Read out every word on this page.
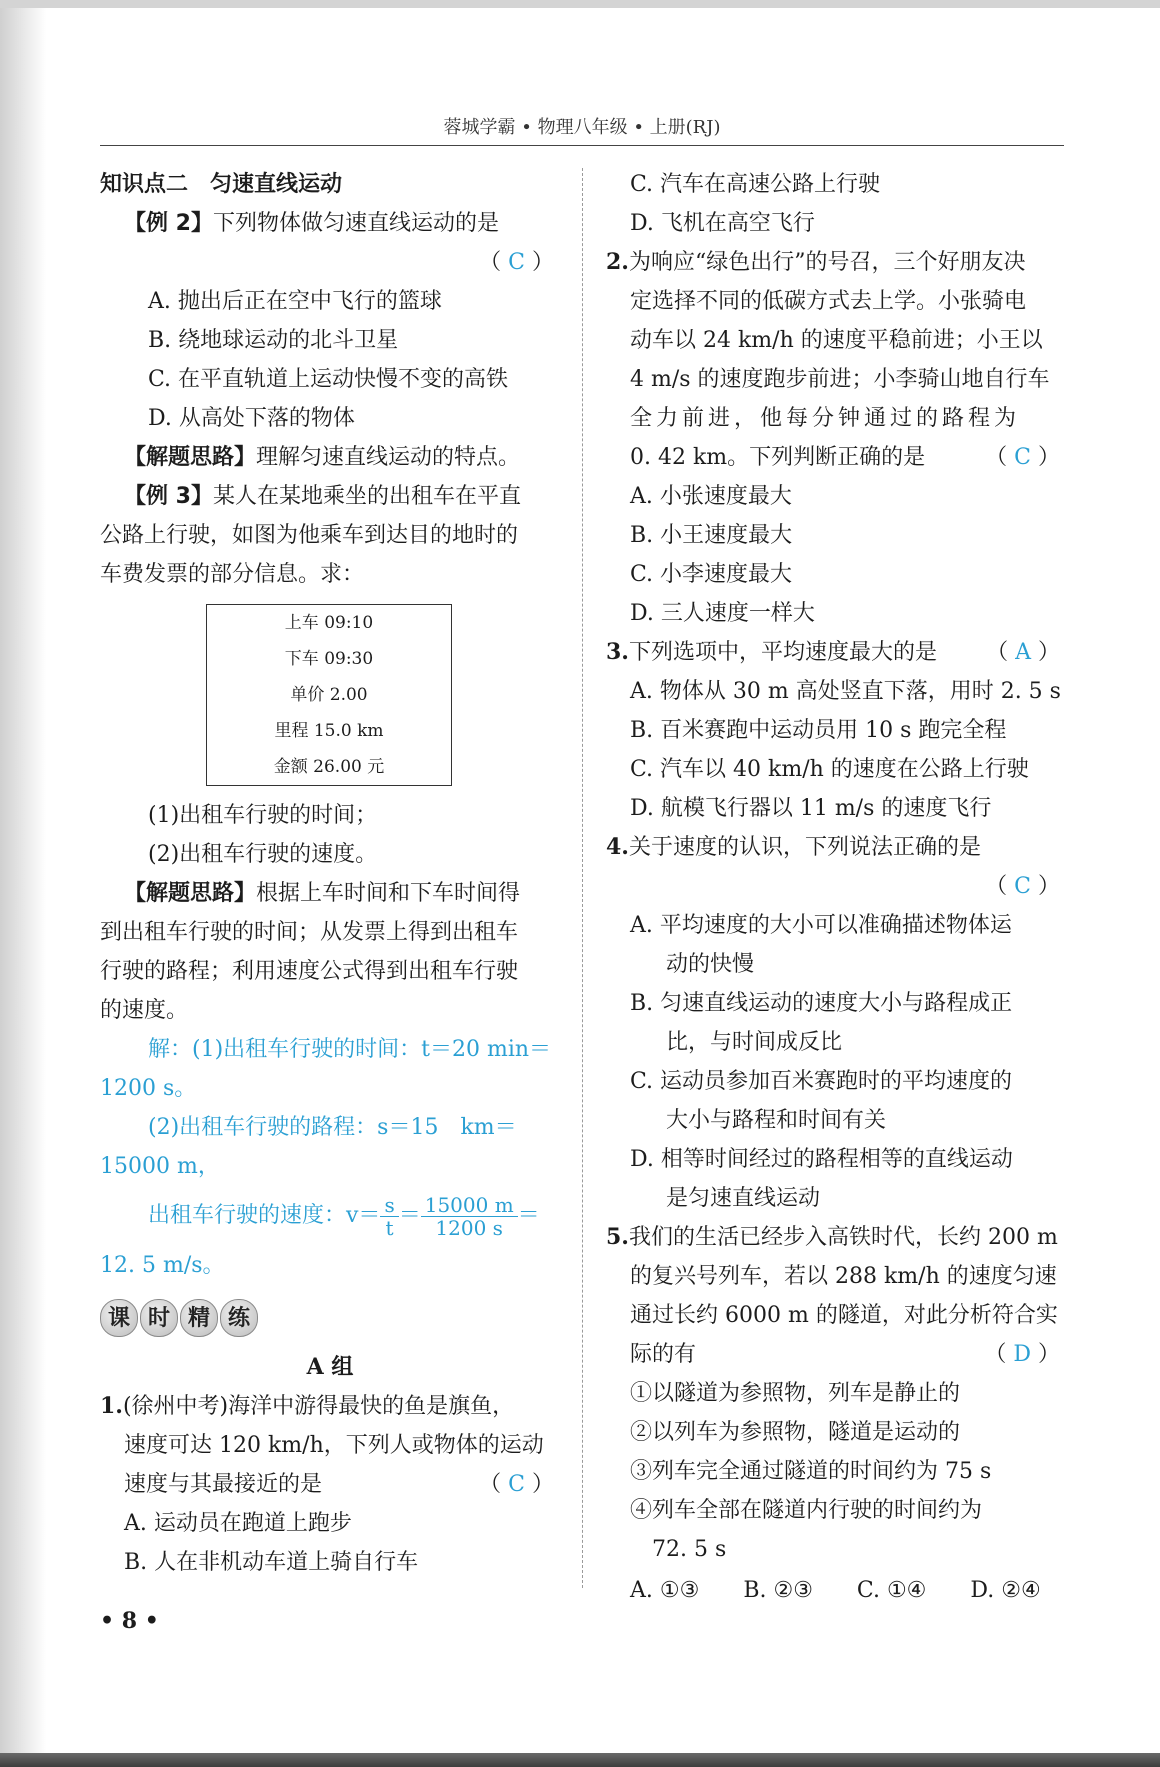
蓉城学霸 • 物理八年级 • 上册(RJ)
知识点二　匀速直线运动
【例 2】下列物体做匀速直线运动的是
（ C ）
A. 抛出后正在空中飞行的篮球
B. 绕地球运动的北斗卫星
C. 在平直轨道上运动快慢不变的高铁
D. 从高处下落的物体
【解题思路】理解匀速直线运动的特点。
【例 3】某人在某地乘坐的出租车在平直
公路上行驶，如图为他乘车到达目的地时的
车费发票的部分信息。求：
上车 09:10
下车 09:30
单价 2.00
里程 15.0 km
金额 26.00 元
(1)出租车行驶的时间；
(2)出租车行驶的速度。
【解题思路】根据上车时间和下车时间得
到出租车行驶的时间；从发票上得到出租车
行驶的路程；利用速度公式得到出租车行驶
的速度。
解：(1)出租车行驶的时间：t＝20 min＝
1200 s。
(2)出租车行驶的路程：s＝15　km＝
15000 m，
出租车行驶的速度：$v= \frac{s}{t} = \frac{15000 m}{1200 s}$ ＝
12. 5 m/s。
课 时 精 练
A 组
1.(徐州中考)海洋中游得最快的鱼是旗鱼，
速度可达 120 km/h，下列人或物体的运动
速度与其最接近的是	（ C ）
A. 运动员在跑道上跑步
B. 人在非机动车道上骑自行车
C. 汽车在高速公路上行驶
D. 飞机在高空飞行
2.为响应“绿色出行”的号召，三个好朋友决
定选择不同的低碳方式去上学。小张骑电
动车以 24 km/h 的速度平稳前进；小王以
4 m/s 的速度跑步前进；小李骑山地自行车
全力前进，他每分钟通过的路程为
0. 42 km。下列判断正确的是	（ C ）
A. 小张速度最大
B. 小王速度最大
C. 小李速度最大
D. 三人速度一样大
3.下列选项中，平均速度最大的是 （ A ）
A. 物体从 30 m 高处竖直下落，用时 2. 5 s
B. 百米赛跑中运动员用 10 s 跑完全程
C. 汽车以 40 km/h 的速度在公路上行驶
D. 航模飞行器以 11 m/s 的速度飞行
4.关于速度的认识，下列说法正确的是
（ C ）
A. 平均速度的大小可以准确描述物体运
动的快慢
B. 匀速直线运动的速度大小与路程成正
比，与时间成反比
C. 运动员参加百米赛跑时的平均速度的
大小与路程和时间有关
D. 相等时间经过的路程相等的直线运动
是匀速直线运动
5.我们的生活已经步入高铁时代，长约 200 m
的复兴号列车，若以 288 km/h 的速度匀速
通过长约 6000 m 的隧道，对此分析符合实
际的有	（ D ）
①以隧道为参照物，列车是静止的
②以列车为参照物，隧道是运动的
③列车完全通过隧道的时间约为 75 s
④列车全部在隧道内行驶的时间约为
72. 5 s
A. ①③　　B. ②③　　C. ①④　　D. ②④
• 8 •
